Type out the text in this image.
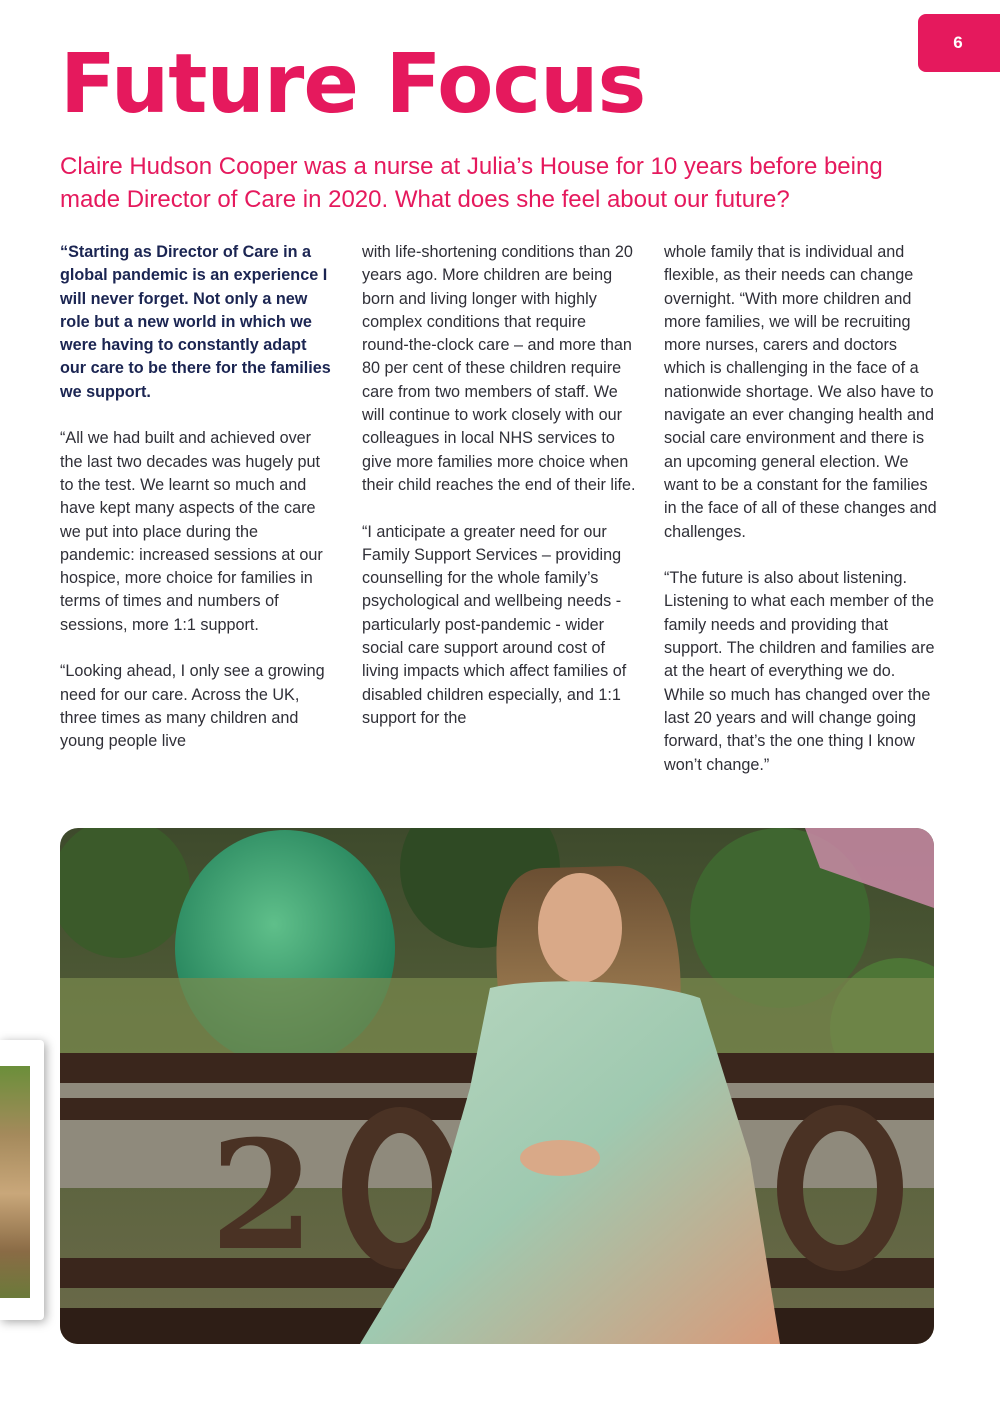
6
Future Focus
Claire Hudson Cooper was a nurse at Julia’s House for 10 years before being made Director of Care in 2020. What does she feel about our future?

“Starting as Director of Care in a global pandemic is an experience I will never forget. Not only a new role but a new world in which we were having to constantly adapt our care to be there for the families we support.

“All we had built and achieved over the last two decades was hugely put to the test. We learnt so much and have kept many aspects of the care we put into place during the pandemic: increased sessions at our hospice, more choice for families in terms of times and numbers of sessions, more 1:1 support.

“Looking ahead, I only see a growing need for our care. Across the UK, three times as many children and young people live

with life-shortening conditions than 20 years ago. More children are being born and living longer with highly complex conditions that require round-the-clock care – and more than 80 per cent of these children require care from two members of staff. We will continue to work closely with our colleagues in local NHS services to give more families more choice when their child reaches the end of their life.

“I anticipate a greater need for our Family Support Services – providing counselling for the whole family’s psychological and wellbeing needs - particularly post-pandemic - wider social care support around cost of living impacts which affect families of disabled children especially, and 1:1 support for the

whole family that is individual and flexible, as their needs can change overnight. “With more children and more families, we will be recruiting more nurses, carers and doctors which is challenging in the face of a nationwide shortage. We also have to navigate an ever changing health and social care environment and there is an upcoming general election. We want to be a constant for the families in the face of all of these changes and challenges.

“The future is also about listening. Listening to what each member of the family needs and providing that support. The children and families are at the heart of everything we do. While so much has changed over the last 20 years and will change going forward, that’s the one thing I know won’t change.”

2
